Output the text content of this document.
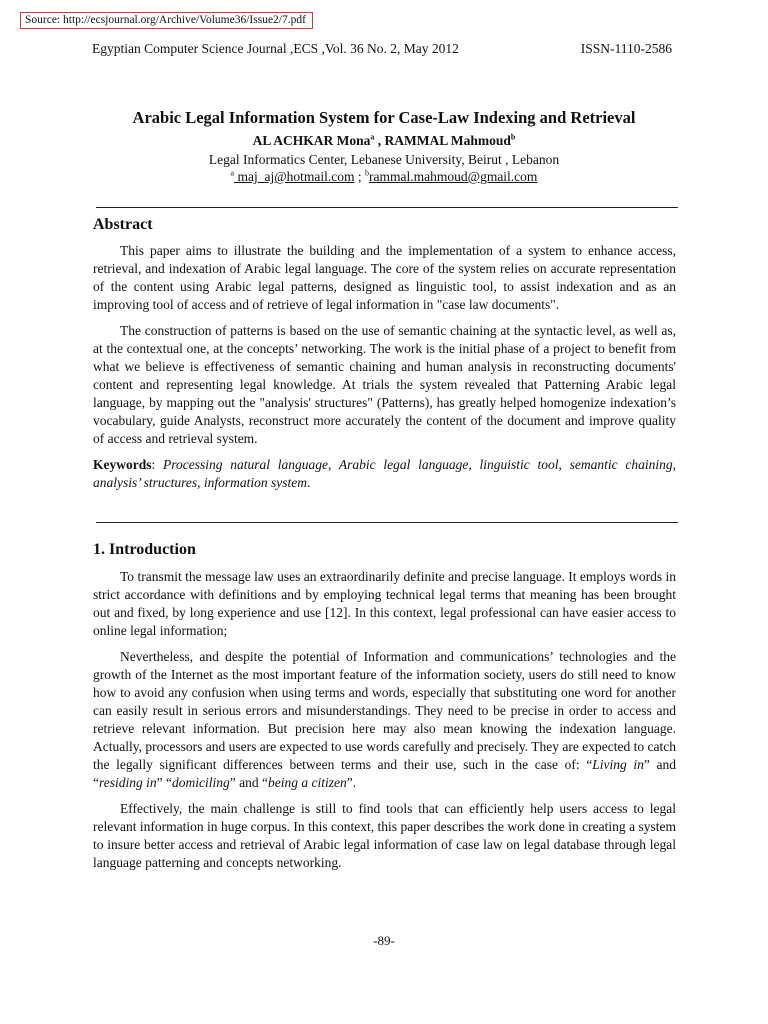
Source: http://ecsjournal.org/Archive/Volume36/Issue2/7.pdf
Egyptian Computer Science Journal ,ECS ,Vol. 36 No. 2, May 2012	ISSN-1110-2586
Arabic Legal Information System for Case-Law Indexing and Retrieval
AL ACHKAR Mona$^a$ , RAMMAL Mahmoud$^b$
Legal Informatics Center, Lebanese University, Beirut , Lebanon
$^a$ maj_aj@hotmail.com ; $^b$rammal.mahmoud@gmail.com
Abstract

This paper aims to illustrate the building and the implementation of a system to enhance access, retrieval, and indexation of Arabic legal language. The core of the system relies on accurate representation of the content using Arabic legal patterns, designed as linguistic tool, to assist indexation and as an improving tool of access and of retrieve of legal information in "case law documents".

The construction of patterns is based on the use of semantic chaining at the syntactic level, as well as, at the contextual one, at the concepts’ networking. The work is the initial phase of a project to benefit from what we believe is effectiveness of semantic chaining and human analysis in reconstructing documents' content and representing legal knowledge. At trials the system revealed that Patterning Arabic legal language, by mapping out the "analysis' structures" (Patterns), has greatly helped homogenize indexation’s vocabulary, guide Analysts, reconstruct more accurately the content of the document and improve quality of access and retrieval system.

Keywords: Processing natural language, Arabic legal language, linguistic tool, semantic chaining, analysis’ structures, information system.
1. Introduction

To transmit the message law uses an extraordinarily definite and precise language. It employs words in strict accordance with definitions and by employing technical legal terms that meaning has been brought out and fixed, by long experience and use [12]. In this context, legal professional can have easier access to online legal information;

Nevertheless, and despite the potential of Information and communications’ technologies and the growth of the Internet as the most important feature of the information society, users do still need to know how to avoid any confusion when using terms and words, especially that substituting one word for another can easily result in serious errors and misunderstandings. They need to be precise in order to access and retrieve relevant information. But precision here may also mean knowing the indexation language. Actually, processors and users are expected to use words carefully and precisely. They are expected to catch the legally significant differences between terms and their use, such in the case of: “Living in” and “residing in” “domiciling” and “being a citizen”.

Effectively, the main challenge is still to find tools that can efficiently help users access to legal relevant information in huge corpus. In this context, this paper describes the work done in creating a system to insure better access and retrieval of Arabic legal information of case law on legal database through legal language patterning and concepts networking.

-89-
